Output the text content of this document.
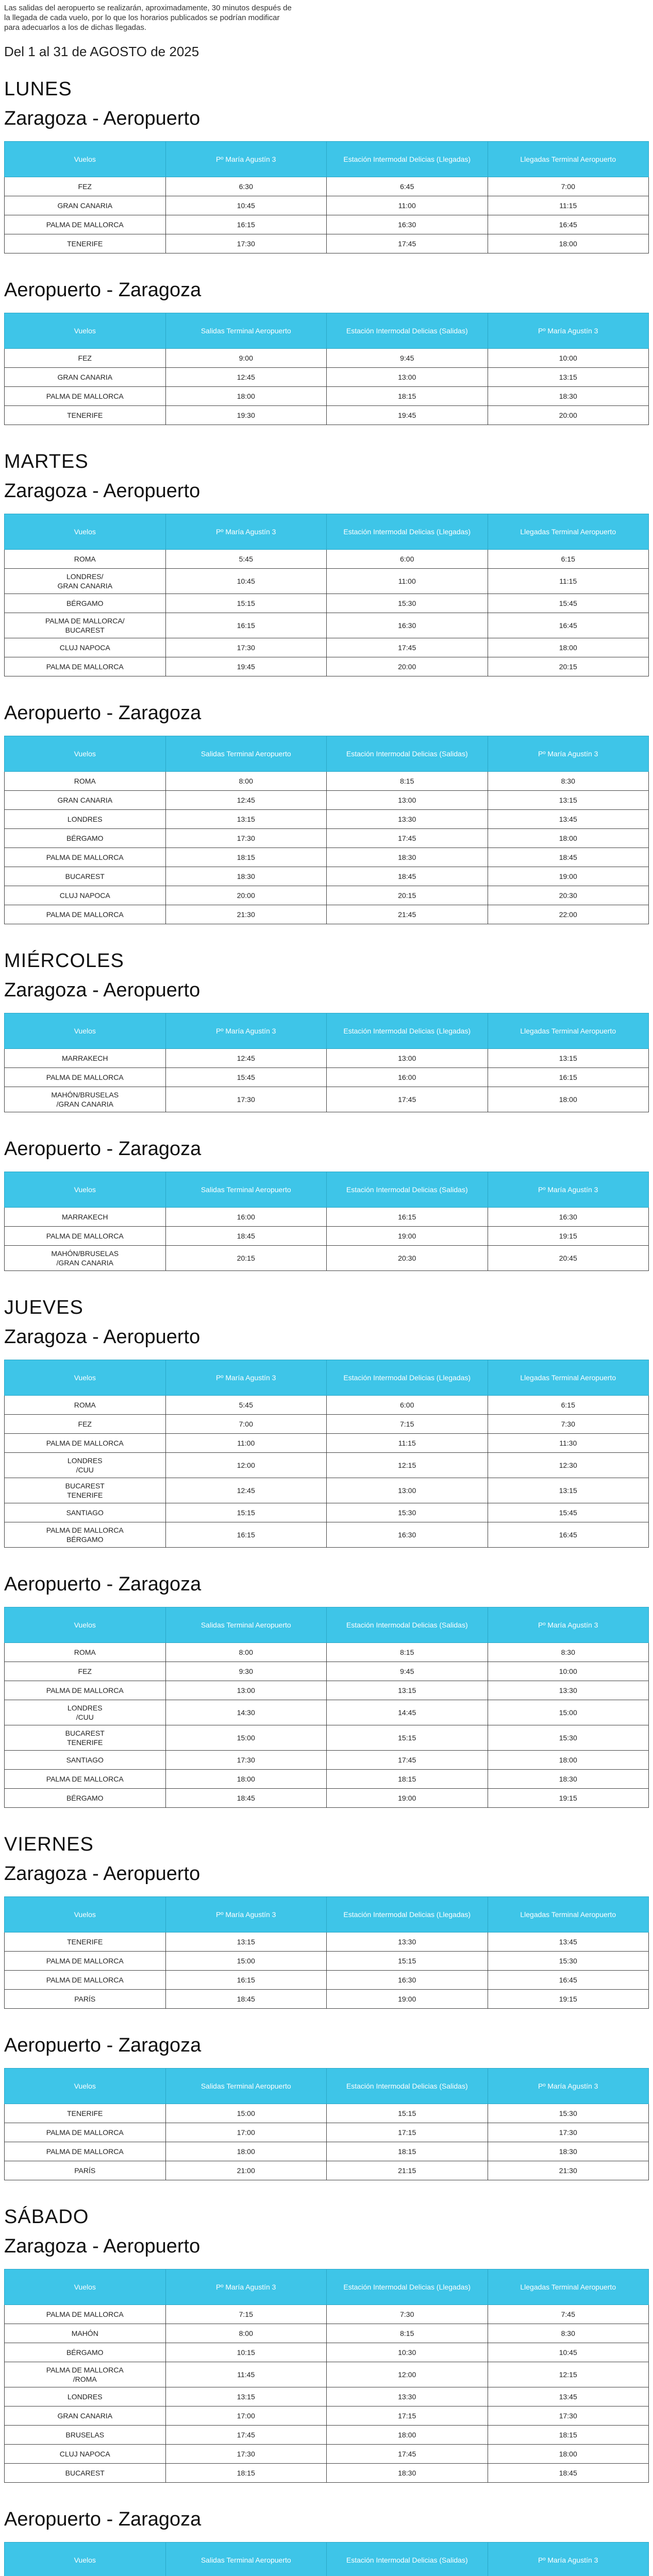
Las salidas del aeropuerto se realizarán, aproximadamente, 30 minutos después de la llegada de cada vuelo, por lo que los horarios publicados se podrían modificar para adecuarlos a los de dichas llegadas.

Del 1 al 31 de AGOSTO de 2025
LUNES
Zaragoza - Aeropuerto
Vuelos	Pº María Agustín 3	Estación Intermodal Delicias (Llegadas)	Llegadas Terminal Aeropuerto
FEZ	6:30	6:45	7:00
GRAN CANARIA	10:45	11:00	11:15
PALMA DE MALLORCA	16:15	16:30	16:45
TENERIFE	17:30	17:45	18:00
Aeropuerto - Zaragoza
Vuelos	Salidas Terminal Aeropuerto	Estación Intermodal Delicias (Salidas)	Pº María Agustín 3
FEZ	9:00	9:45	10:00
GRAN CANARIA	12:45	13:00	13:15
PALMA DE MALLORCA	18:00	18:15	18:30
TENERIFE	19:30	19:45	20:00
MARTES
Zaragoza - Aeropuerto
Vuelos	Pº María Agustín 3	Estación Intermodal Delicias (Llegadas)	Llegadas Terminal Aeropuerto
ROMA	5:45	6:00	6:15
LONDRES/
GRAN CANARIA	10:45	11:00	11:15
BÉRGAMO	15:15	15:30	15:45
PALMA DE MALLORCA/
BUCAREST	16:15	16:30	16:45
CLUJ NAPOCA	17:30	17:45	18:00
PALMA DE MALLORCA	19:45	20:00	20:15
Aeropuerto - Zaragoza
Vuelos	Salidas Terminal Aeropuerto	Estación Intermodal Delicias (Salidas)	Pº María Agustín 3
ROMA	8:00	8:15	8:30
GRAN CANARIA	12:45	13:00	13:15
LONDRES	13:15	13:30	13:45
BÉRGAMO	17:30	17:45	18:00
PALMA DE MALLORCA	18:15	18:30	18:45
BUCAREST	18:30	18:45	19:00
CLUJ NAPOCA	20:00	20:15	20:30
PALMA DE MALLORCA	21:30	21:45	22:00
MIÉRCOLES
Zaragoza - Aeropuerto
Vuelos	Pº María Agustín 3	Estación Intermodal Delicias (Llegadas)	Llegadas Terminal Aeropuerto
MARRAKECH	12:45	13:00	13:15
PALMA DE MALLORCA	15:45	16:00	16:15
MAHÓN/BRUSELAS
/GRAN CANARIA	17:30	17:45	18:00
Aeropuerto - Zaragoza
Vuelos	Salidas Terminal Aeropuerto	Estación Intermodal Delicias (Salidas)	Pº María Agustín 3
MARRAKECH	16:00	16:15	16:30
PALMA DE MALLORCA	18:45	19:00	19:15
MAHÓN/BRUSELAS
/GRAN CANARIA	20:15	20:30	20:45
JUEVES
Zaragoza - Aeropuerto
Vuelos	Pº María Agustín 3	Estación Intermodal Delicias (Llegadas)	Llegadas Terminal Aeropuerto
ROMA	5:45	6:00	6:15
FEZ	7:00	7:15	7:30
PALMA DE MALLORCA	11:00	11:15	11:30
LONDRES
/CUU	12:00	12:15	12:30
BUCAREST
TENERIFE	12:45	13:00	13:15
SANTIAGO	15:15	15:30	15:45
PALMA DE MALLORCA
BÉRGAMO	16:15	16:30	16:45
Aeropuerto - Zaragoza
Vuelos	Salidas Terminal Aeropuerto	Estación Intermodal Delicias (Salidas)	Pº María Agustín 3
ROMA	8:00	8:15	8:30
FEZ	9:30	9:45	10:00
PALMA DE MALLORCA	13:00	13:15	13:30
LONDRES
/CUU	14:30	14:45	15:00
BUCAREST
TENERIFE	15:00	15:15	15:30
SANTIAGO	17:30	17:45	18:00
PALMA DE MALLORCA	18:00	18:15	18:30
BÉRGAMO	18:45	19:00	19:15
VIERNES
Zaragoza - Aeropuerto
Vuelos	Pº María Agustín 3	Estación Intermodal Delicias (Llegadas)	Llegadas Terminal Aeropuerto
TENERIFE	13:15	13:30	13:45
PALMA DE MALLORCA	15:00	15:15	15:30
PALMA DE MALLORCA	16:15	16:30	16:45
PARÍS	18:45	19:00	19:15
Aeropuerto - Zaragoza
Vuelos	Salidas Terminal Aeropuerto	Estación Intermodal Delicias (Salidas)	Pº María Agustín 3
TENERIFE	15:00	15:15	15:30
PALMA DE MALLORCA	17:00	17:15	17:30
PALMA DE MALLORCA	18:00	18:15	18:30
PARÍS	21:00	21:15	21:30
SÁBADO
Zaragoza - Aeropuerto
Vuelos	Pº María Agustín 3	Estación Intermodal Delicias (Llegadas)	Llegadas Terminal Aeropuerto
PALMA DE MALLORCA	7:15	7:30	7:45
MAHÓN	8:00	8:15	8:30
BÉRGAMO	10:15	10:30	10:45
PALMA DE MALLORCA
/ROMA	11:45	12:00	12:15
LONDRES	13:15	13:30	13:45
GRAN CANARIA	17:00	17:15	17:30
BRUSELAS	17:45	18:00	18:15
CLUJ NAPOCA	17:30	17:45	18:00
BUCAREST	18:15	18:30	18:45
Aeropuerto - Zaragoza
Vuelos	Salidas Terminal Aeropuerto	Estación Intermodal Delicias (Salidas)	Pº María Agustín 3
